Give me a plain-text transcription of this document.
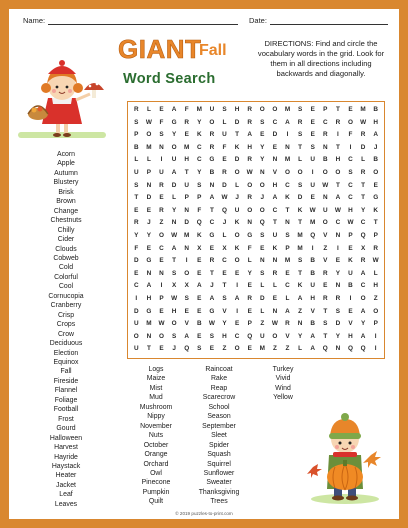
Name:	Date:
GIANT
Fall
Word Search
DIRECTIONS: Find and circle the vocabulary words in the grid. Look for them in all directions including backwards and diagonally.
R	L	E	A	F	M	U	S	H	R	O	O	M	S	E	P	T	E	M	B
S	W	F	G	R	Y	O	L	D	R	S	C	A	R	E	C	R	O	W	H
P	O	S	Y	E	K	R	U	T	A	E	D	I	S	E	R	I	F	R	A
B	M	N	O	M	C	R	F	K	H	Y	E	N	T	S	N	T	I	D	J
L	L	I	U	H	C	G	E	D	R	Y	N	M	L	U	B	H	C	L	B
U	P	U	A	T	Y	B	R	O	W	N	V	O	O	I	O	O	S	R	O
S	N	R	D	U	S	N	D	L	O	O	H	C	S	U	W	T	C	T	E
T	D	E	L	P	P	A	W	J	R	J	A	K	D	E	N	A	C	T	G
E	E	R	Y	N	F	T	Q	U	O	O	C	T	K	W	U	W	H	Y	K
R	J	Z	N	D	Q	C	J	K	N	Q	T	N	T	M	O	C	W	C	T
Y	Y	O	W	M	K	G	L	O	G	S	U	S	M	Q	V	N	P	Q	P
F	E	C	A	N	X	E	X	K	F	E	K	P	M	I	Z	I	E	X	R
D	G	E	T	I	E	R	C	O	L	N	N	M	S	B	V	E	K	R	W
E	N	N	S	O	E	T	E	E	Y	S	R	E	T	B	R	Y	U	A	L
C	A	I	X	X	A	J	T	I	E	L	L	C	K	U	E	N	B	C	H
I	H	P	W	S	E	A	S	A	R	D	E	L	A	H	R	R	I	O	Z
D	G	E	H	E	E	G	V	I	E	L	N	A	Z	V	T	S	E	A	O
U	M	W	O	V	B	W	Y	E	P	Z	W	R	N	B	S	D	V	Y	P
O	N	O	S	A	E	S	H	C	Q	U	O	V	Y	A	T	Y	H	A	I
U	T	E	J	Q	S	E	Z	O	E	M	Z	Z	L	A	Q	N	Q	Q	I
Acorn
Apple
Autumn
Blustery
Brisk
Brown
Change
Chestnuts
Chilly
Cider
Clouds
Cobweb
Cold
Colorful
Cool
Cornucopia
Cranberry
Crisp
Crops
Crow
Deciduous
Election
Equinox
Fall
Fireside
Flannel
Foliage
Football
Frost
Gourd
Halloween
Harvest
Hayride
Haystack
Heater
Jacket
Leaf
Leaves
Logs
Maize
Mist
Mud
Mushroom
Nippy
November
Nuts
October
Orange
Orchard
Owl
Pinecone
Pumpkin
Quilt
Raincoat
Rake
Reap
Scarecrow
School
Season
September
Sleet
Spider
Squash
Squirrel
Sunflower
Sweater
Thanksgiving
Trees
Turkey
Vivid
Wind
Yellow
© 2019 puzzles-to-print.com
